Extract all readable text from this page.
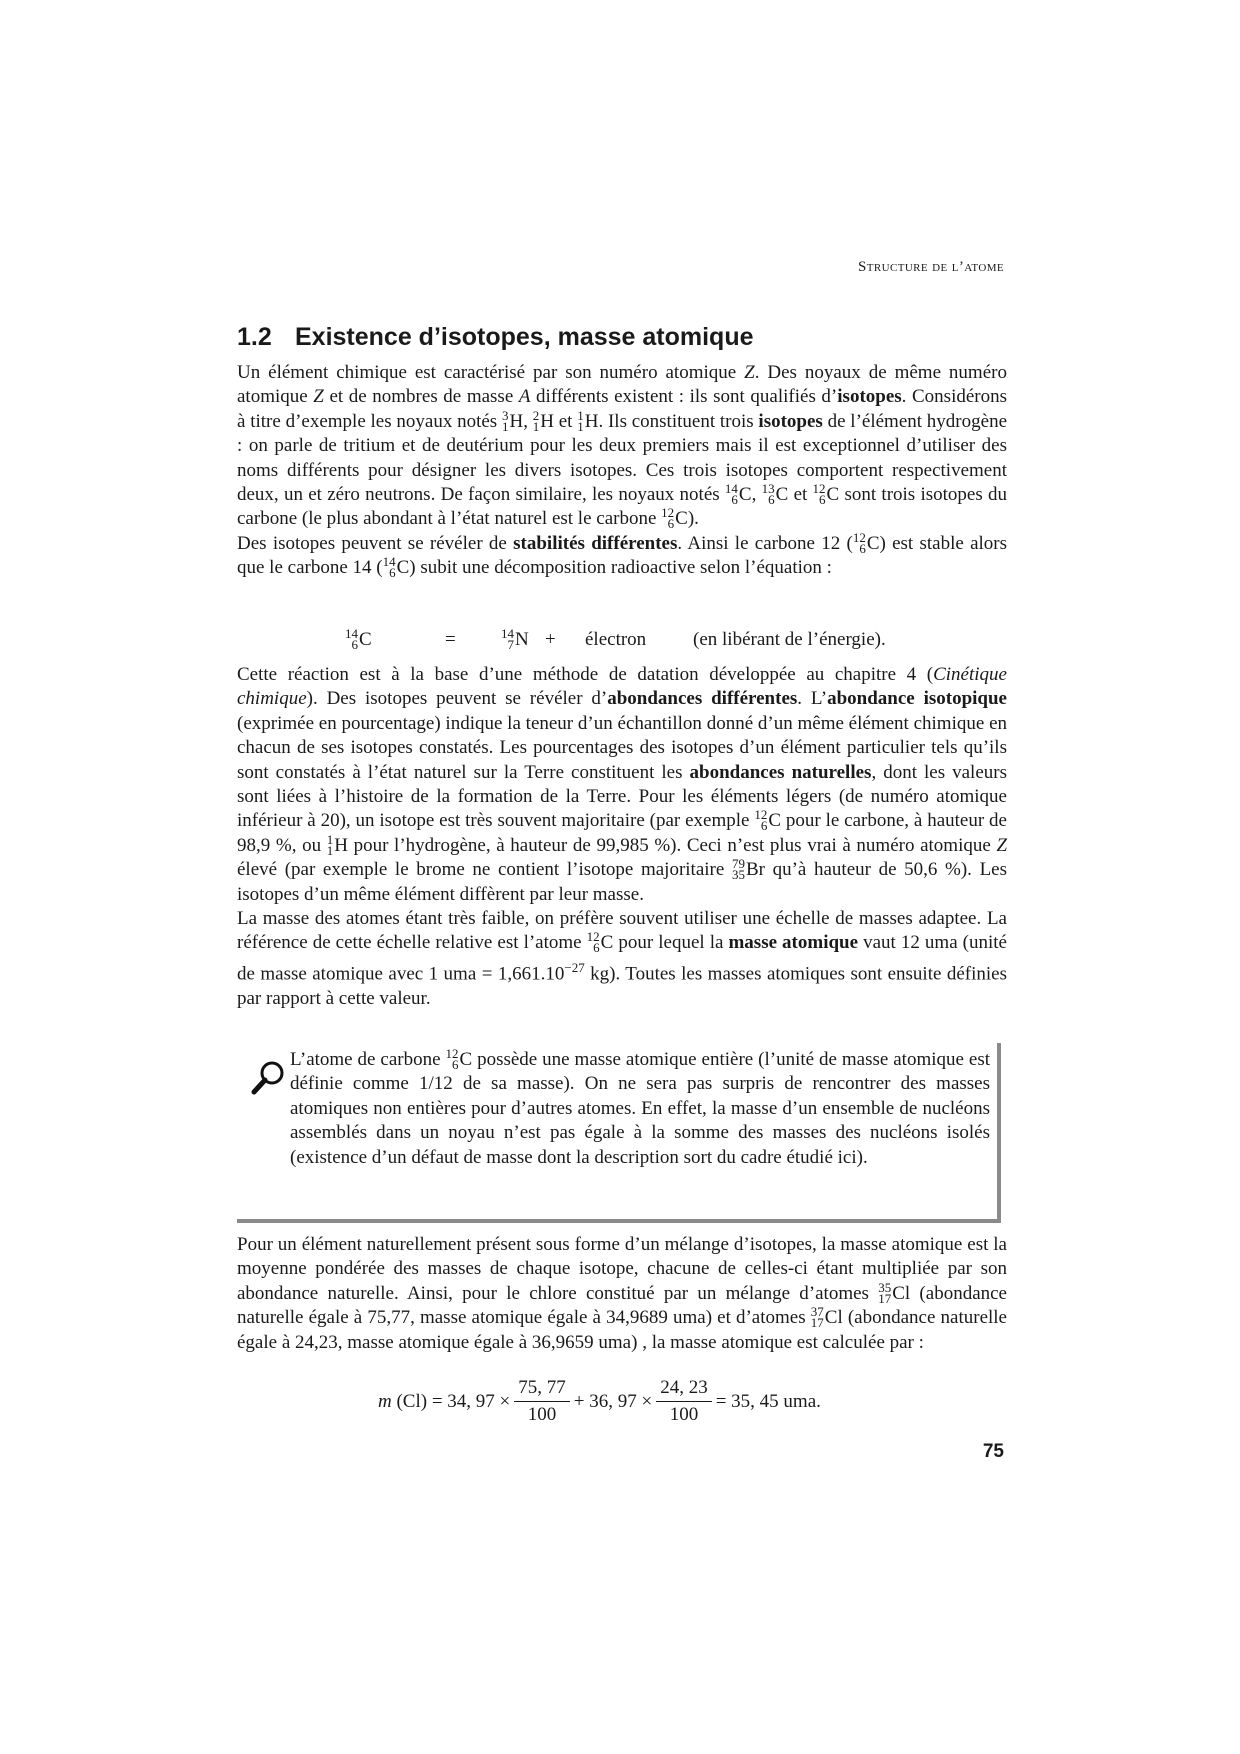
Structure de l’atome
1.2 Existence d’isotopes, masse atomique

Un élément chimique est caractérisé par son numéro atomique Z. Des noyaux de même numéro atomique Z et de nombres de masse A différents existent : ils sont qualifiés d’isotopes. Considérons à titre d’exemple les noyaux notés 3
1 H, 2
1 H et 1
1 H. Ils constituent trois isotopes de l’élément hydrogène : on parle de tritium et de deutérium pour les deux premiers mais il est exceptionnel d’utiliser des noms différents pour désigner les divers isotopes. Ces trois isotopes comportent respectivement deux, un et zéro neutrons. De façon similaire, les noyaux notés 14
6 C, 13
6 C et 12
6 C sont trois isotopes du carbone (le plus abondant à l’état naturel est le carbone 12
6 C).

Des isotopes peuvent se révéler de stabilités différentes. Ainsi le carbone 12 ( 12
6 C) est stable alors que le carbone 14 ( 14
6 C) subit une décomposition radioactive selon l’équation :

14
6 C	=	14
7 N + électron (en libérant de l’énergie).

Cette réaction est à la base d’une méthode de datation développée au chapitre 4 (Cinétique chimique). Des isotopes peuvent se révéler d’abondances différentes. L’abondance isotopique (exprimée en pourcentage) indique la teneur d’un échantillon donné d’un même élément chimique en chacun de ses isotopes constatés. Les pourcentages des isotopes d’un élément particulier tels qu’ils sont constatés à l’état naturel sur la Terre constituent les abondances naturelles, dont les valeurs sont liées à l’histoire de la formation de la Terre. Pour les éléments légers (de numéro atomique inférieur à 20), un isotope est très souvent majoritaire (par exemple 12
6 C pour le carbone, à hauteur de 98,9 %, ou 1
1 H pour l’hydrogène, à hauteur de 99,985 %). Ceci n’est plus vrai à numéro atomique Z élevé (par exemple le brome ne contient l’isotope majoritaire 79
35 Br qu’à hauteur de 50,6 %). Les isotopes d’un même élément diffèrent par leur masse.

La masse des atomes étant très faible, on préfère souvent utiliser une échelle de masses adaptee. La référence de cette échelle relative est l’atome 12
6 C pour lequel la masse atomique vaut 12 uma (unité de masse atomique avec 1 uma = $1,661.10^{-27}$ kg). Toutes les masses atomiques sont ensuite définies par rapport à cette valeur.

L’atome de carbone 12
6 C possède une masse atomique entière (l’unité de masse atomique est définie comme 1/12 de sa masse). On ne sera pas surpris de rencontrer des masses atomiques non entières pour d’autres atomes. En effet, la masse d’un ensemble de nucléons assemblés dans un noyau n’est pas égale à la somme des masses des nucléons isolés (existence d’un défaut de masse dont la description sort du cadre étudié ici).

Pour un élément naturellement présent sous forme d’un mélange d’isotopes, la masse atomique est la moyenne pondérée des masses de chaque isotope, chacune de celles-ci étant multipliée par son abondance naturelle. Ainsi, pour le chlore constitué par un mélange d’atomes 35
17 Cl (abondance naturelle égale à 75,77, masse atomique égale à 34,9689 uma) et d’atomes 37
17 Cl (abondance naturelle égale à 24,23, masse atomique égale à 36,9659 uma) , la masse atomique est calculée par :

m
(Cl) = 34, $97 \times \frac{75, 77}{100} + 36$, $97 \times \frac{24, 23}{100} = 35$, 45 uma.
75
